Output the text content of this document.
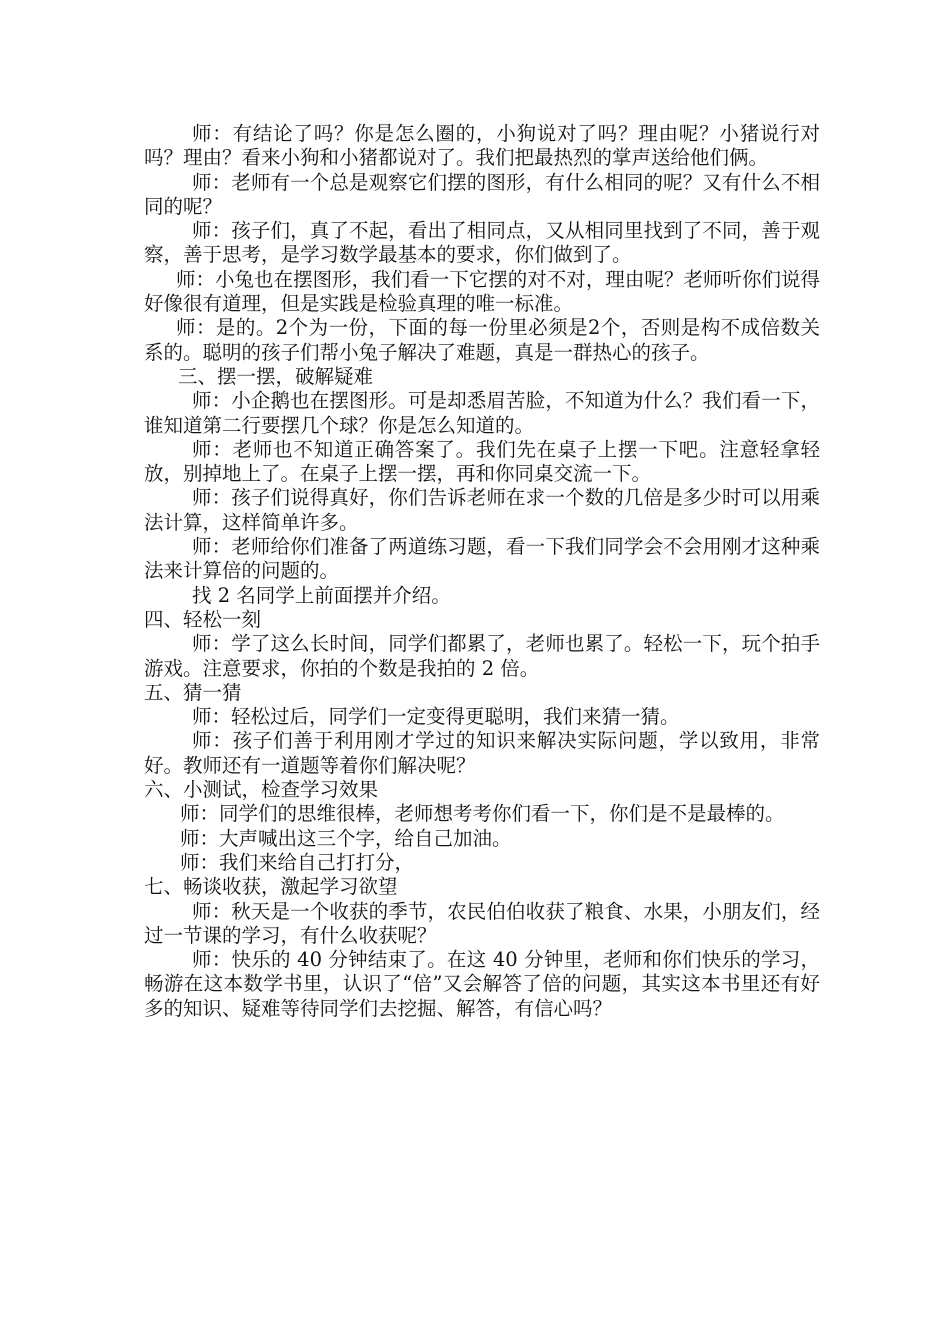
师：有结论了吗？你是怎么圈的，小狗说对了吗？理由呢？小猪说行对吗？理由？看来小狗和小猪都说对了。我们把最热烈的掌声送给他们俩。

师：老师有一个总是观察它们摆的图形，有什么相同的呢？又有什么不相同的呢？

师：孩子们，真了不起，看出了相同点，又从相同里找到了不同，善于观察，善于思考，是学习数学最基本的要求，你们做到了。

师：小兔也在摆图形，我们看一下它摆的对不对，理由呢？老师听你们说得好像很有道理，但是实践是检验真理的唯一标准。

师：是的。2个为一份，下面的每一份里必须是2个，否则是构不成倍数关系的。聪明的孩子们帮小兔子解决了难题，真是一群热心的孩子。

三、摆一摆，破解疑难

师：小企鹅也在摆图形。可是却悉眉苦脸，不知道为什么？我们看一下，谁知道第二行要摆几个球？你是怎么知道的。

师：老师也不知道正确答案了。我们先在桌子上摆一下吧。注意轻拿轻放，别掉地上了。在桌子上摆一摆，再和你同桌交流一下。

师：孩子们说得真好，你们告诉老师在求一个数的几倍是多少时可以用乘法计算，这样简单许多。

师：老师给你们准备了两道练习题，看一下我们同学会不会用刚才这种乘法来计算倍的问题的。

找 2 名同学上前面摆并介绍。

四、轻松一刻

师：学了这么长时间，同学们都累了，老师也累了。轻松一下，玩个拍手游戏。注意要求，你拍的个数是我拍的 2 倍。

五、猜一猜

师：轻松过后，同学们一定变得更聪明，我们来猜一猜。

师：孩子们善于利用刚才学过的知识来解决实际问题，学以致用，非常好。教师还有一道题等着你们解决呢？

六、小测试，检查学习效果

师：同学们的思维很棒，老师想考考你们看一下，你们是不是最棒的。

师：大声喊出这三个字，给自己加油。

师：我们来给自己打打分，

七、畅谈收获，激起学习欲望

师：秋天是一个收获的季节，农民伯伯收获了粮食、水果，小朋友们，经过一节课的学习，有什么收获呢？

师：快乐的 40 分钟结束了。在这 40 分钟里，老师和你们快乐的学习，畅游在这本数学书里，认识了“倍”又会解答了倍的问题，其实这本书里还有好多的知识、疑难等待同学们去挖掘、解答，有信心吗？
